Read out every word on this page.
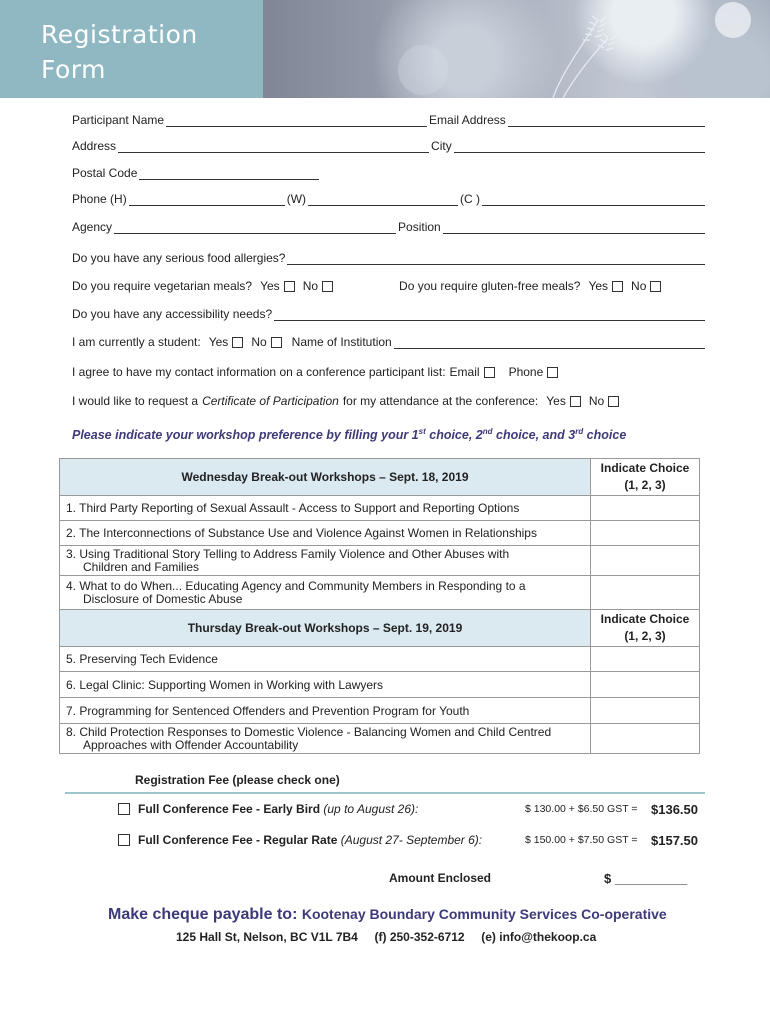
Registration
Form
Participant Name	Email Address
Address	City
Postal Code
Phone (H)	(W)	(C )
Agency	Position
Do you have any serious food allergies?
Do you require vegetarian meals? Yes No	Do you require gluten-free meals? Yes No
Do you have any accessibility needs?
I am currently a student: Yes No Name of Institution
I agree to have my contact information on a conference participant list: Email Phone
I would like to request a Certificate of Participation for my attendance at the conference: Yes No
Please indicate your workshop preference by filling your 1st choice, 2nd choice, and 3rd choice
Wednesday Break-out Workshops – Sept. 18, 2019	Indicate Choice
(1, 2, 3)
1. Third Party Reporting of Sexual Assault - Access to Support and Reporting Options	
2. The Interconnections of Substance Use and Violence Against Women in Relationships	
3. Using Traditional Story Telling to Address Family Violence and Other Abuses with
Children and Families	

4. What to do When... Educating Agency and Community Members in Responding to a
Disclosure of Domestic Abuse	

Thursday Break-out Workshops – Sept. 19, 2019	Indicate Choice
(1, 2, 3)
5. Preserving Tech Evidence	
6. Legal Clinic: Supporting Women in Working with Lawyers	
7. Programming for Sentenced Offenders and Prevention Program for Youth	
8. Child Protection Responses to Domestic Violence - Balancing Women and Child Centred
Approaches with Offender Accountability	

Registration Fee (please check one)
Full Conference Fee - Early Bird (up to August 26):	$ 130.00 + $6.50 GST = $136.50
Full Conference Fee - Regular Rate (August 27- September 6):	$ 150.00 + $7.50 GST = $157.50
Amount Enclosed	$ __________
Make cheque payable to: Kootenay Boundary Community Services Co-operative
125 Hall St, Nelson, BC V1L 7B4     (f) 250-352-6712     (e) info@thekoop.ca
